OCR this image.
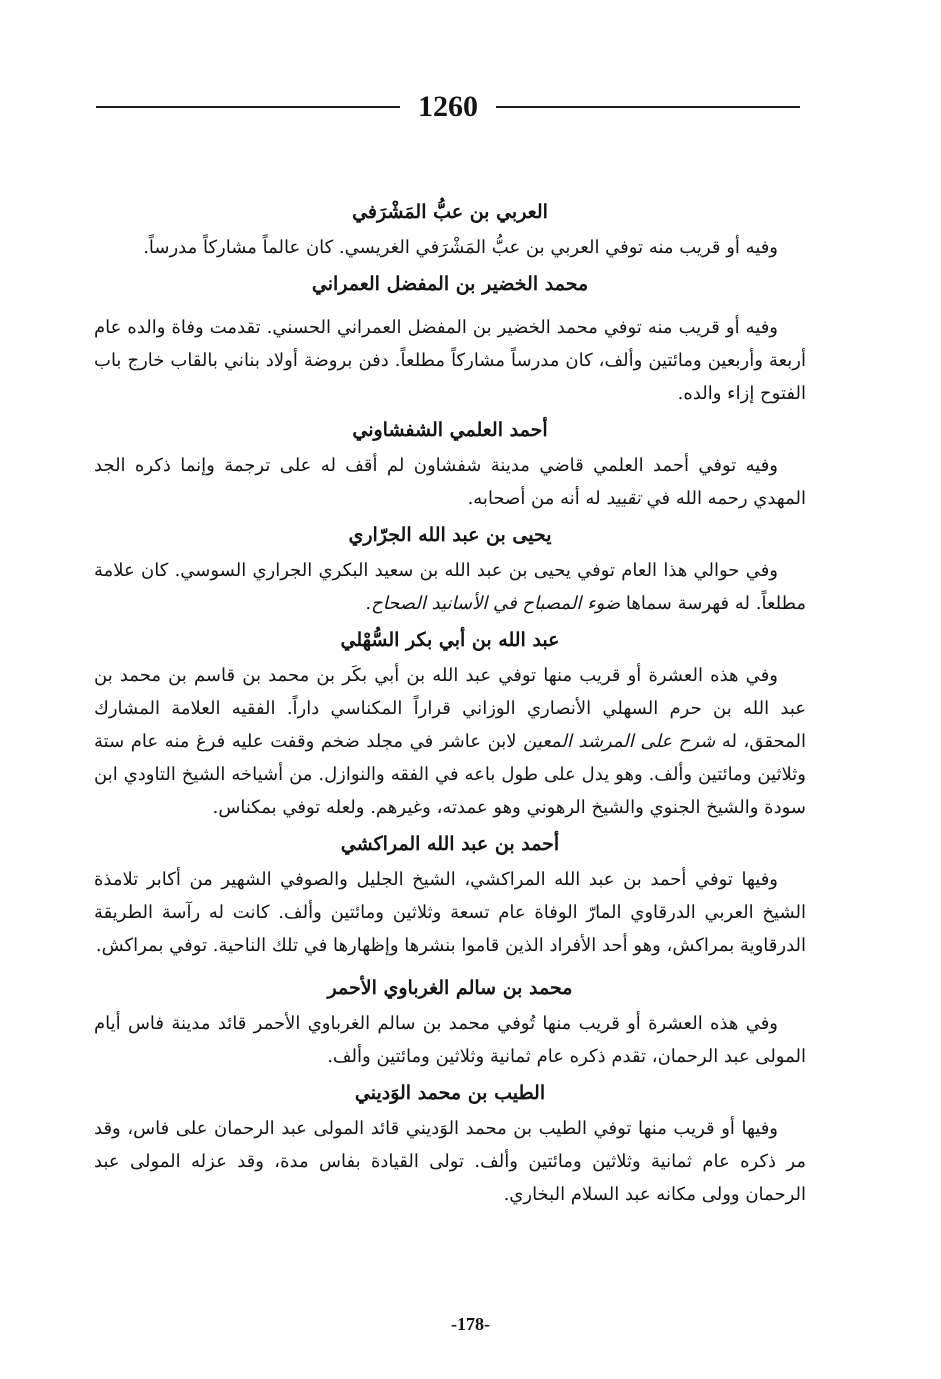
1260
العربي بن عبُّ المَشْرَفي

وفيه أو قريب منه توفي العربي بن عبُّ المَشْرَفي الغريسي. كان عالماً مشاركاً مدرساً.

محمد الخضير بن المفضل العمراني

وفيه أو قريب منه توفي محمد الخضير بن المفضل العمراني الحسني. تقدمت وفاة والده عام أربعة وأربعين ومائتين وألف، كان مدرساً مشاركاً مطلعاً. دفن بروضة أولاد بناني بالقاب خارج باب الفتوح إزاء والده.

أحمد العلمي الشفشاوني

وفيه توفي أحمد العلمي قاضي مدينة شفشاون لم أقف له على ترجمة وإنما ذكره الجد المهدي رحمه الله في تقييد له أنه من أصحابه.

يحيى بن عبد الله الجرّاري

وفي حوالي هذا العام توفي يحيى بن عبد الله بن سعيد البكري الجراري السوسي. كان علامة مطلعاً. له فهرسة سماها ضوء المصباح في الأسانيد الصحاح.

عبد الله بن أبي بكر السُّهْلي

وفي هذه العشرة أو قريب منها توفي عبد الله بن أبي بكَر بن محمد بن قاسم بن محمد بن عبد الله بن حرم السهلي الأنصاري الوزاني قراراً المكناسي داراً. الفقيه العلامة المشارك المحقق، له شرح على المرشد المعين لابن عاشر في مجلد ضخم وقفت عليه فرغ منه عام ستة وثلاثين ومائتين وألف. وهو يدل على طول باعه في الفقه والنوازل. من أشياخه الشيخ التاودي ابن سودة والشيخ الجنوي والشيخ الرهوني وهو عمدته، وغيرهم. ولعله توفي بمكناس.

أحمد بن عبد الله المراكشي

وفيها توفي أحمد بن عبد الله المراكشي، الشيخ الجليل والصوفي الشهير من أكابر تلامذة الشيخ العربي الدرقاوي المارّ الوفاة عام تسعة وثلاثين ومائتين وألف. كانت له رآسة الطريقة الدرقاوية بمراكش، وهو أحد الأفراد الذين قاموا بنشرها وإظهارها في تلك الناحية. توفي بمراكش.

محمد بن سالم الغرباوي الأحمر

وفي هذه العشرة أو قريب منها تُوفي محمد بن سالم الغرباوي الأحمر قائد مدينة فاس أيام المولى عبد الرحمان، تقدم ذكره عام ثمانية وثلاثين ومائتين وألف.

الطيب بن محمد الوَديني

وفيها أو قريب منها توفي الطيب بن محمد الوَديني قائد المولى عبد الرحمان على فاس، وقد مر ذكره عام ثمانية وثلاثين ومائتين وألف. تولى القيادة بفاس مدة، وقد عزله المولى عبد الرحمان وولى مكانه عبد السلام البخاري.

-178-
